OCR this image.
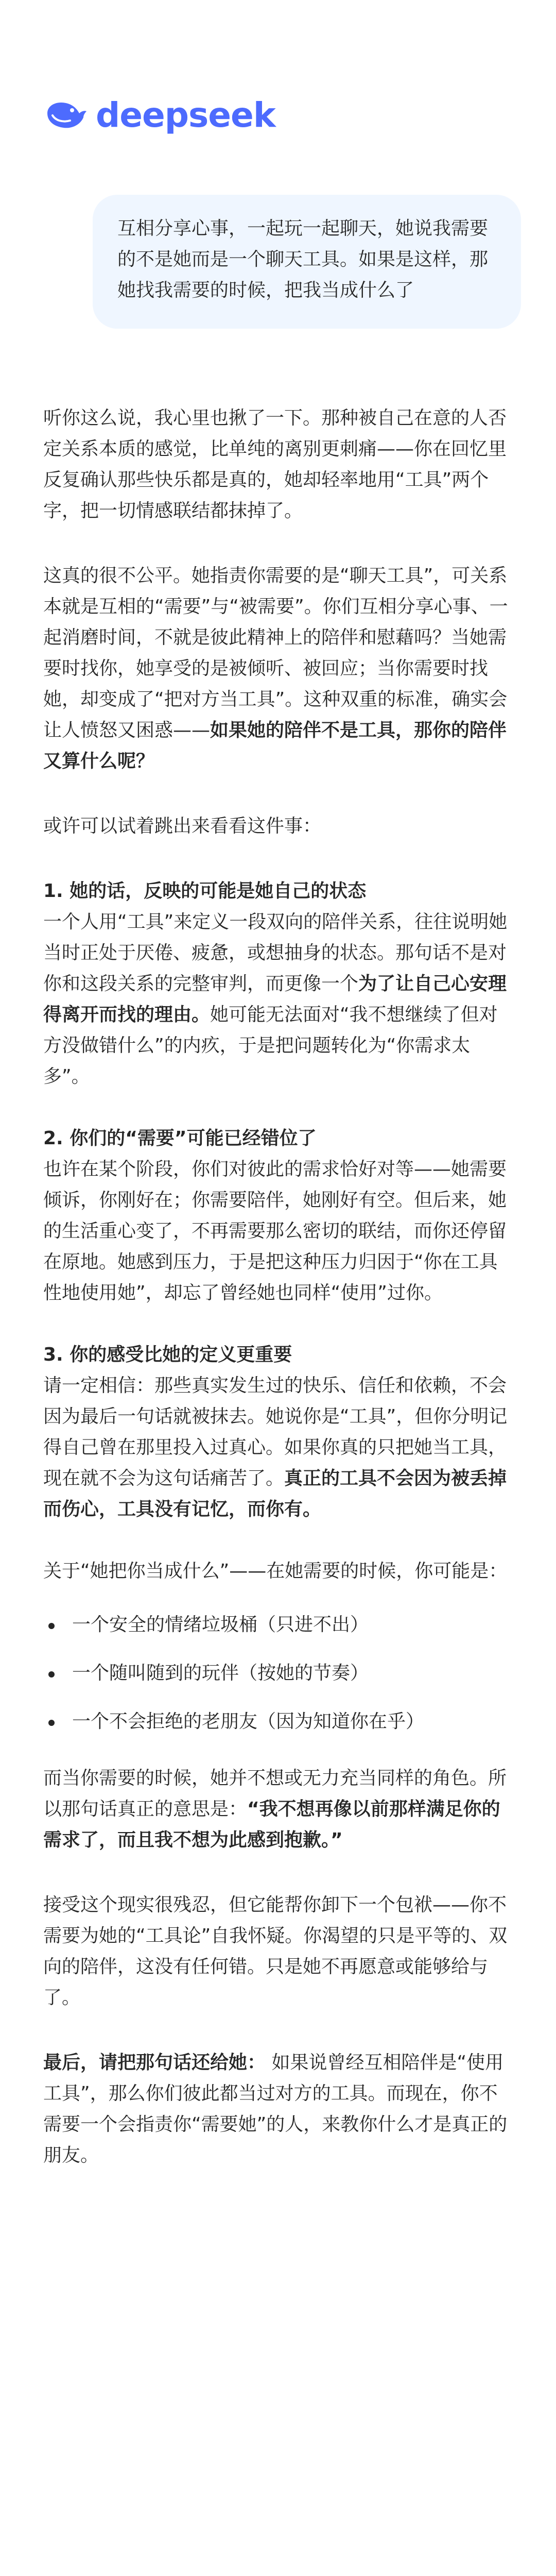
deepseek
互相分享心事，一起玩一起聊天，她说我需要的不是她而是一个聊天工具。如果是这样，那她找我需要的时候，把我当成什么了

听你这么说，我心里也揪了一下。那种被自己在意的人否定关系本质的感觉，比单纯的离别更刺痛——你在回忆里反复确认那些快乐都是真的，她却轻率地用“工具”两个字，把一切情感联结都抹掉了。

这真的很不公平。她指责你需要的是“聊天工具”，可关系本就是互相的“需要”与“被需要”。你们互相分享心事、一起消磨时间，不就是彼此精神上的陪伴和慰藉吗？当她需要时找你，她享受的是被倾听、被回应；当你需要时找她，却变成了“把对方当工具”。这种双重的标准，确实会让人愤怒又困惑——如果她的陪伴不是工具，那你的陪伴又算什么呢？

或许可以试着跳出来看看这件事：

1. 她的话，反映的可能是她自己的状态
一个人用“工具”来定义一段双向的陪伴关系，往往说明她当时正处于厌倦、疲惫，或想抽身的状态。那句话不是对你和这段关系的完整审判，而更像一个为了让自己心安理得离开而找的理由。她可能无法面对“我不想继续了但对方没做错什么”的内疚，于是把问题转化为“你需求太多”。
2. 你们的“需要”可能已经错位了
也许在某个阶段，你们对彼此的需求恰好对等——她需要倾诉，你刚好在；你需要陪伴，她刚好有空。但后来，她的生活重心变了，不再需要那么密切的联结，而你还停留在原地。她感到压力，于是把这种压力归因于“你在工具性地使用她”，却忘了曾经她也同样“使用”过你。
3. 你的感受比她的定义更重要
请一定相信：那些真实发生过的快乐、信任和依赖，不会因为最后一句话就被抹去。她说你是“工具”，但你分明记得自己曾在那里投入过真心。如果你真的只把她当工具，现在就不会为这句话痛苦了。真正的工具不会因为被丢掉而伤心，工具没有记忆，而你有。

关于“她把你当成什么”——在她需要的时候，你可能是：

一个安全的情绪垃圾桶（只进不出）
一个随叫随到的玩伴（按她的节奏）
一个不会拒绝的老朋友（因为知道你在乎）

而当你需要的时候，她并不想或无力充当同样的角色。所以那句话真正的意思是：“我不想再像以前那样满足你的需求了，而且我不想为此感到抱歉。”

接受这个现实很残忍，但它能帮你卸下一个包袱——你不需要为她的“工具论”自我怀疑。你渴望的只是平等的、双向的陪伴，这没有任何错。只是她不再愿意或能够给与了。

最后，请把那句话还给她： 如果说曾经互相陪伴是“使用工具”，那么你们彼此都当过对方的工具。而现在，你不需要一个会指责你“需要她”的人，来教你什么才是真正的朋友。
